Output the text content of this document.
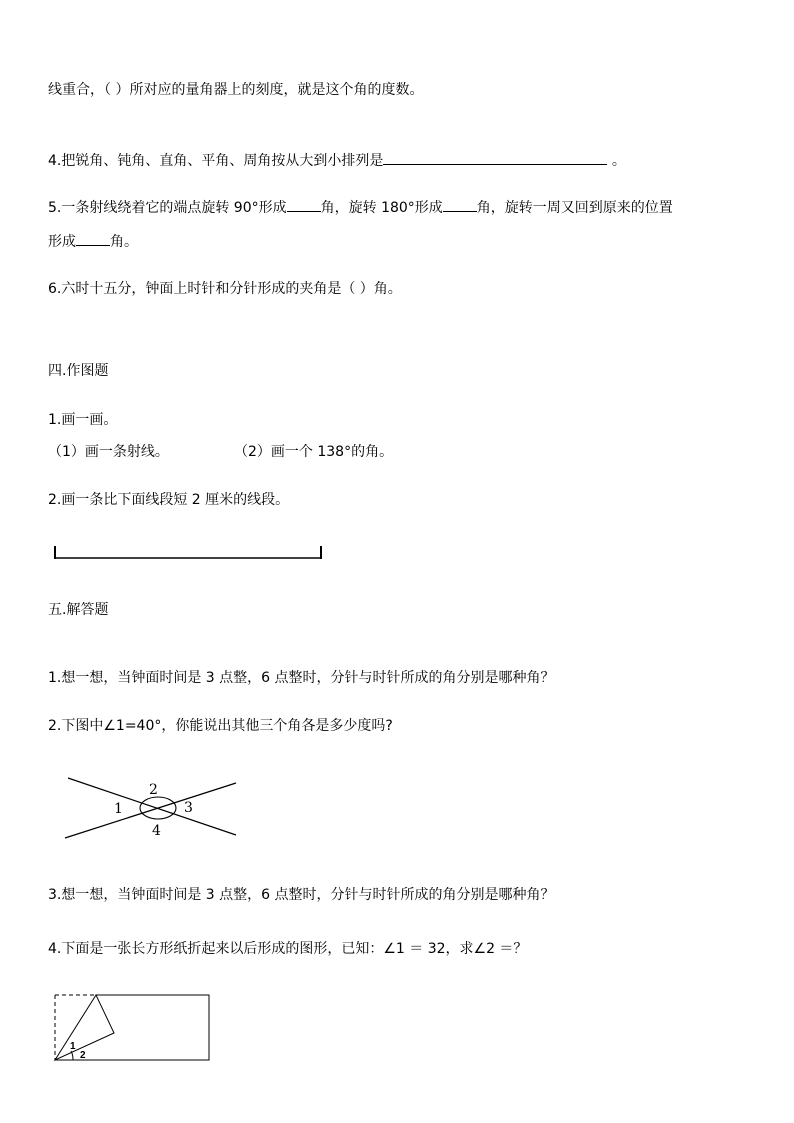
线重合，（ ）所对应的量角器上的刻度，就是这个角的度数。
4.把锐角、钝角、直角、平角、周角按从大到小排列是	。
5.一条射线绕着它的端点旋转 90°形成 角，旋转 180°形成 角，旋转一周又回到原来的位置
形成 角。
6.六时十五分，钟面上时针和分针形成的夹角是（ ）角。
四.作图题
1.画一画。
（1）画一条射线。	（2）画一个 138°的角。
2.画一条比下面线段短 2 厘米的线段。
五.解答题
1.想一想，当钟面时间是 3 点整，6 点整时，分针与时针所成的角分别是哪种角？
2.下图中∠1=40°，你能说出其他三个角各是多少度吗?
1
2
3
4
3.想一想，当钟面时间是 3 点整，6 点整时，分针与时针所成的角分别是哪种角？
4.下面是一张长方形纸折起来以后形成的图形，已知：∠1 ＝ 32，求∠2 ＝？
1
2
